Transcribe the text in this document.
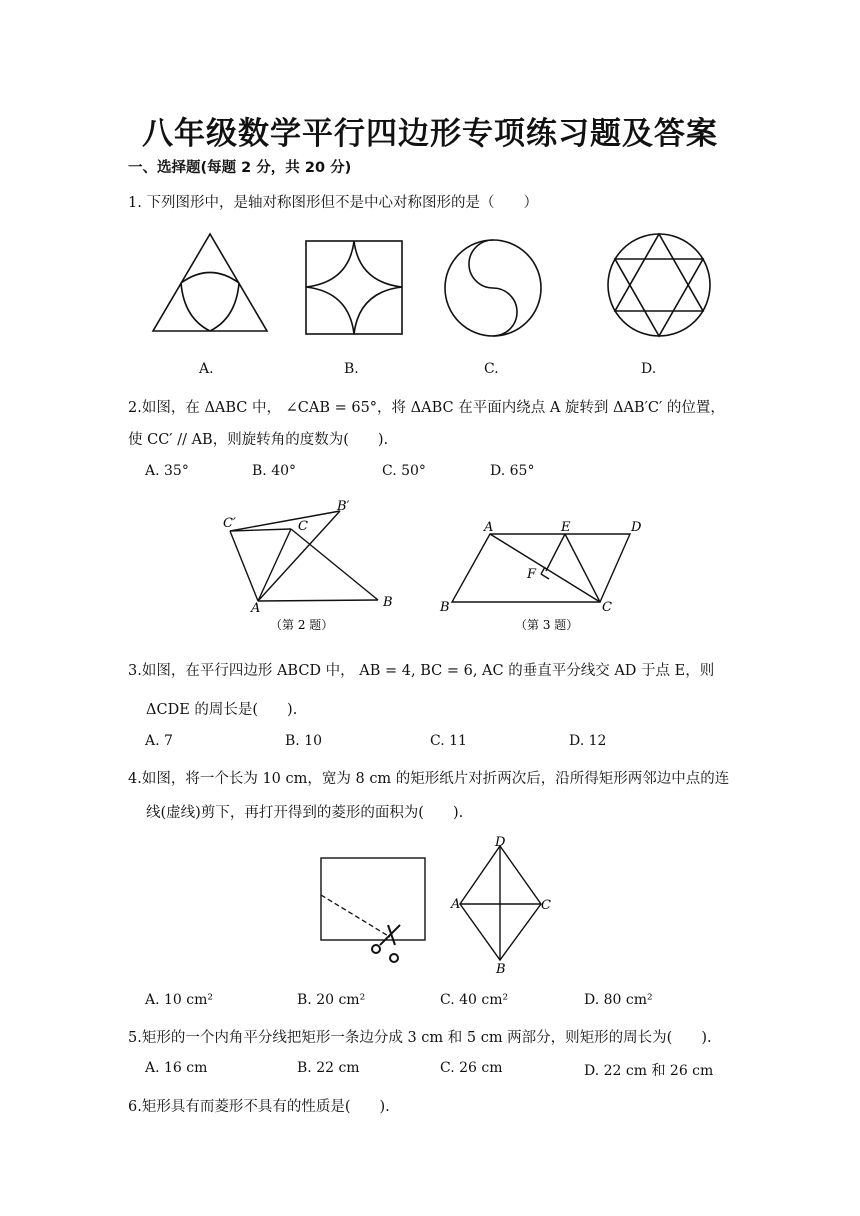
八年级数学平行四边形专项练习题及答案
一、选择题(每题 2 分，共 20 分)
1. 下列图形中，是轴对称图形但不是中心对称图形的是（　　）
A.	B.	C.	D.
2.如图，在 ΔABC 中， ∠CAB = 65°，将 ΔABC 在平面内绕点 A 旋转到 ΔAB′C′ 的位置，
使 CC′ // AB，则旋转角的度数为(　　).
A. 35°	B. 40°	C. 50°	D. 65°
C′	C
B′
A	B
（第 2 题）
A	E	D
F
B	C
（第 3 题）
3.如图，在平行四边形 ABCD 中， AB = 4, BC = 6, AC 的垂直平分线交 AD 于点 E，则
ΔCDE 的周长是(　　).
A. 7	B. 10	C. 11	D. 12
4.如图，将一个长为 10 cm，宽为 8 cm 的矩形纸片对折两次后，沿所得矩形两邻边中点的连
线(虚线)剪下，再打开得到的菱形的面积为(　　).
D
A	C
B
A. 10 cm²	B. 20 cm²	C. 40 cm²	D. 80 cm²
5.矩形的一个内角平分线把矩形一条边分成 3 cm 和 5 cm 两部分，则矩形的周长为(　　).
A. 16 cm	B. 22 cm	C. 26 cm	D. 22 cm 和 26 cm
6.矩形具有而菱形不具有的性质是(　　).
